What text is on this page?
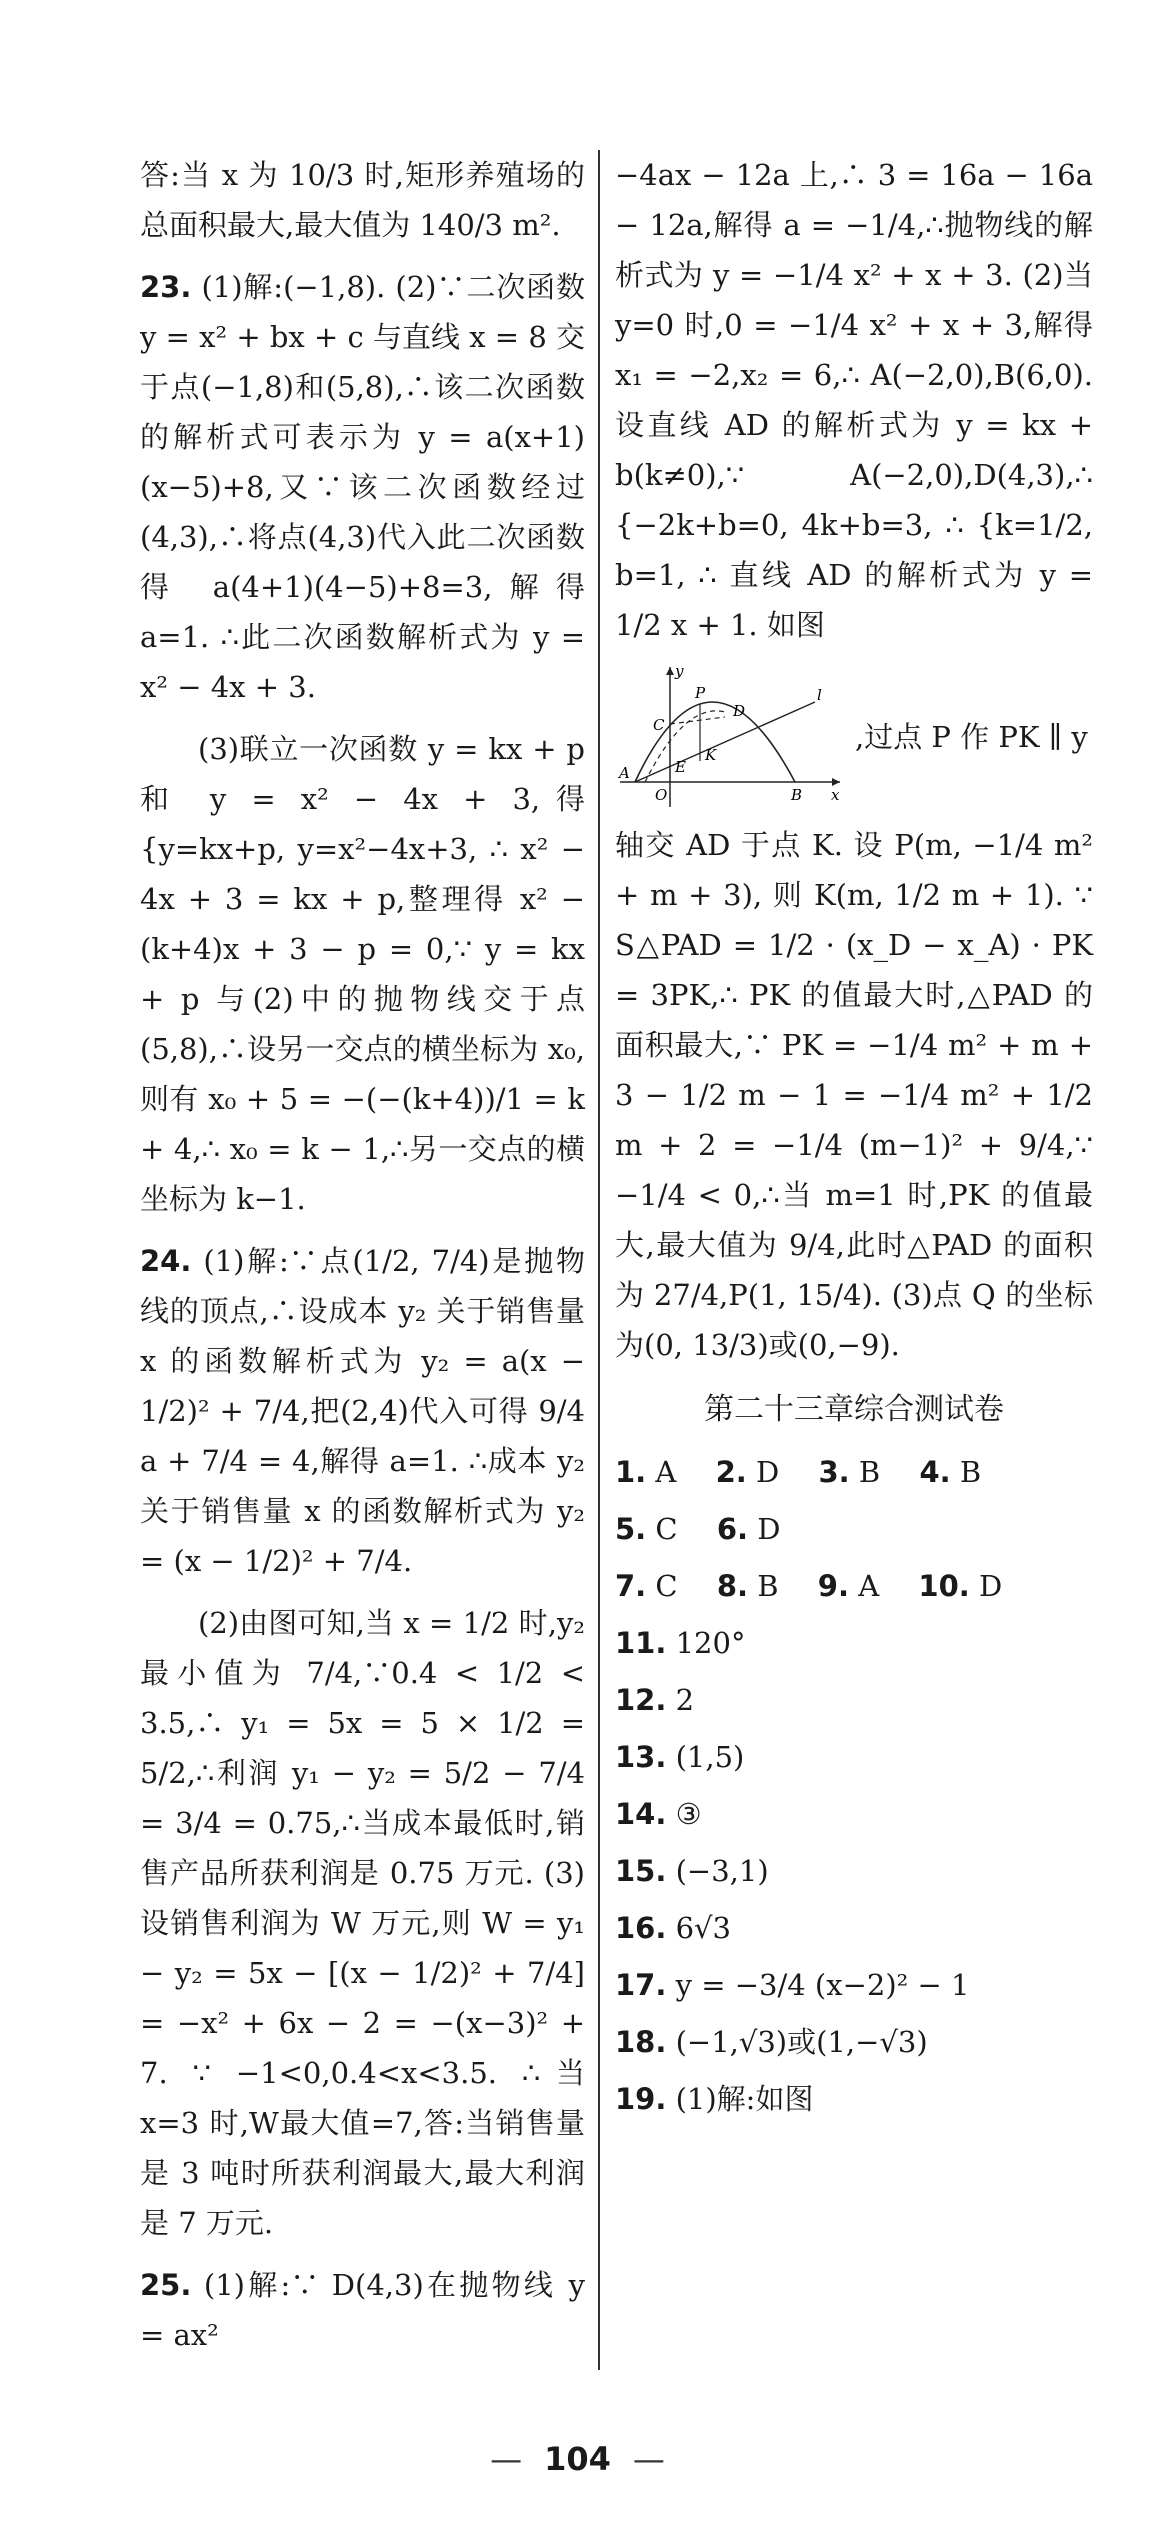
答:当 x 为 10/3 时,矩形养殖场的总面积最大,最大值为 140/3 m².

23. (1)解:(−1,8). (2)∵二次函数 y = x² + bx + c 与直线 x = 8 交于点(−1,8)和(5,8),∴该二次函数的解析式可表示为 y = a(x+1)(x−5)+8,又∵该二次函数经过(4,3),∴将点(4,3)代入此二次函数得 a(4+1)(4−5)+8=3,解得 a=1. ∴此二次函数解析式为 y = x² − 4x + 3.

(3)联立一次函数 y = kx + p 和 y = x² − 4x + 3,得 {y=kx+p, y=x²−4x+3, ∴ x² − 4x + 3 = kx + p,整理得 x² − (k+4)x + 3 − p = 0,∵ y = kx + p 与(2)中的抛物线交于点(5,8),∴设另一交点的横坐标为 x₀,则有 x₀ + 5 = −(−(k+4))/1 = k + 4,∴ x₀ = k − 1,∴另一交点的横坐标为 k−1.

24. (1)解:∵点(1/2, 7/4)是抛物线的顶点,∴设成本 y₂ 关于销售量 x 的函数解析式为 y₂ = a(x − 1/2)² + 7/4,把(2,4)代入可得 9/4 a + 7/4 = 4,解得 a=1. ∴成本 y₂ 关于销售量 x 的函数解析式为 y₂ = (x − 1/2)² + 7/4.

(2)由图可知,当 x = 1/2 时,y₂ 最小值为 7/4,∵0.4 < 1/2 < 3.5,∴ y₁ = 5x = 5 × 1/2 = 5/2,∴利润 y₁ − y₂ = 5/2 − 7/4 = 3/4 = 0.75,∴当成本最低时,销售产品所获利润是 0.75 万元. (3)设销售利润为 W 万元,则 W = y₁ − y₂ = 5x − [(x − 1/2)² + 7/4] = −x² + 6x − 2 = −(x−3)² + 7. ∵ −1<0,0.4<x<3.5. ∴当 x=3 时,W最大值=7,答:当销售量是 3 吨时所获利润最大,最大利润是 7 万元.

25. (1)解:∵ D(4,3)在抛物线 y = ax²

−4ax − 12a 上,∴ 3 = 16a − 16a − 12a,解得 a = −1/4,∴抛物线的解析式为 y = −1/4 x² + x + 3. (2)当 y=0 时,0 = −1/4 x² + x + 3,解得 x₁ = −2,x₂ = 6,∴ A(−2,0),B(6,0). 设直线 AD 的解析式为 y = kx + b(k≠0),∵ A(−2,0),D(4,3),∴ {−2k+b=0, 4k+b=3, ∴ {k=1/2, b=1, ∴ 直线 AD 的解析式为 y = 1/2 x + 1. 如图

y
C
P
D
l
K
E
A
O	B x
,过点 P 作 PK ∥ y

轴交 AD 于点 K. 设 P(m, −1/4 m² + m + 3), 则 K(m, 1/2 m + 1). ∵ S△PAD = 1/2 · (x_D − x_A) · PK = 3PK,∴ PK 的值最大时,△PAD 的面积最大,∵ PK = −1/4 m² + m + 3 − 1/2 m − 1 = −1/4 m² + 1/2 m + 2 = −1/4 (m−1)² + 9/4,∵ −1/4 < 0,∴当 m=1 时,PK 的值最大,最大值为 9/4,此时△PAD 的面积为 27/4,P(1, 15/4). (3)点 Q 的坐标为(0, 13/3)或(0,−9).

第二十三章综合测试卷
1. A 2. D 3. B 4. B 5. C 6. D
7. C 8. B 9. A 10. D
11. 120°
12. 2
13. (1,5)
14. ③
15. (−3,1)
16. 6√3
17. y = −3/4 (x−2)² − 1
18. (−1,√3)或(1,−√3)
19. (1)解:如图
— 104 —
